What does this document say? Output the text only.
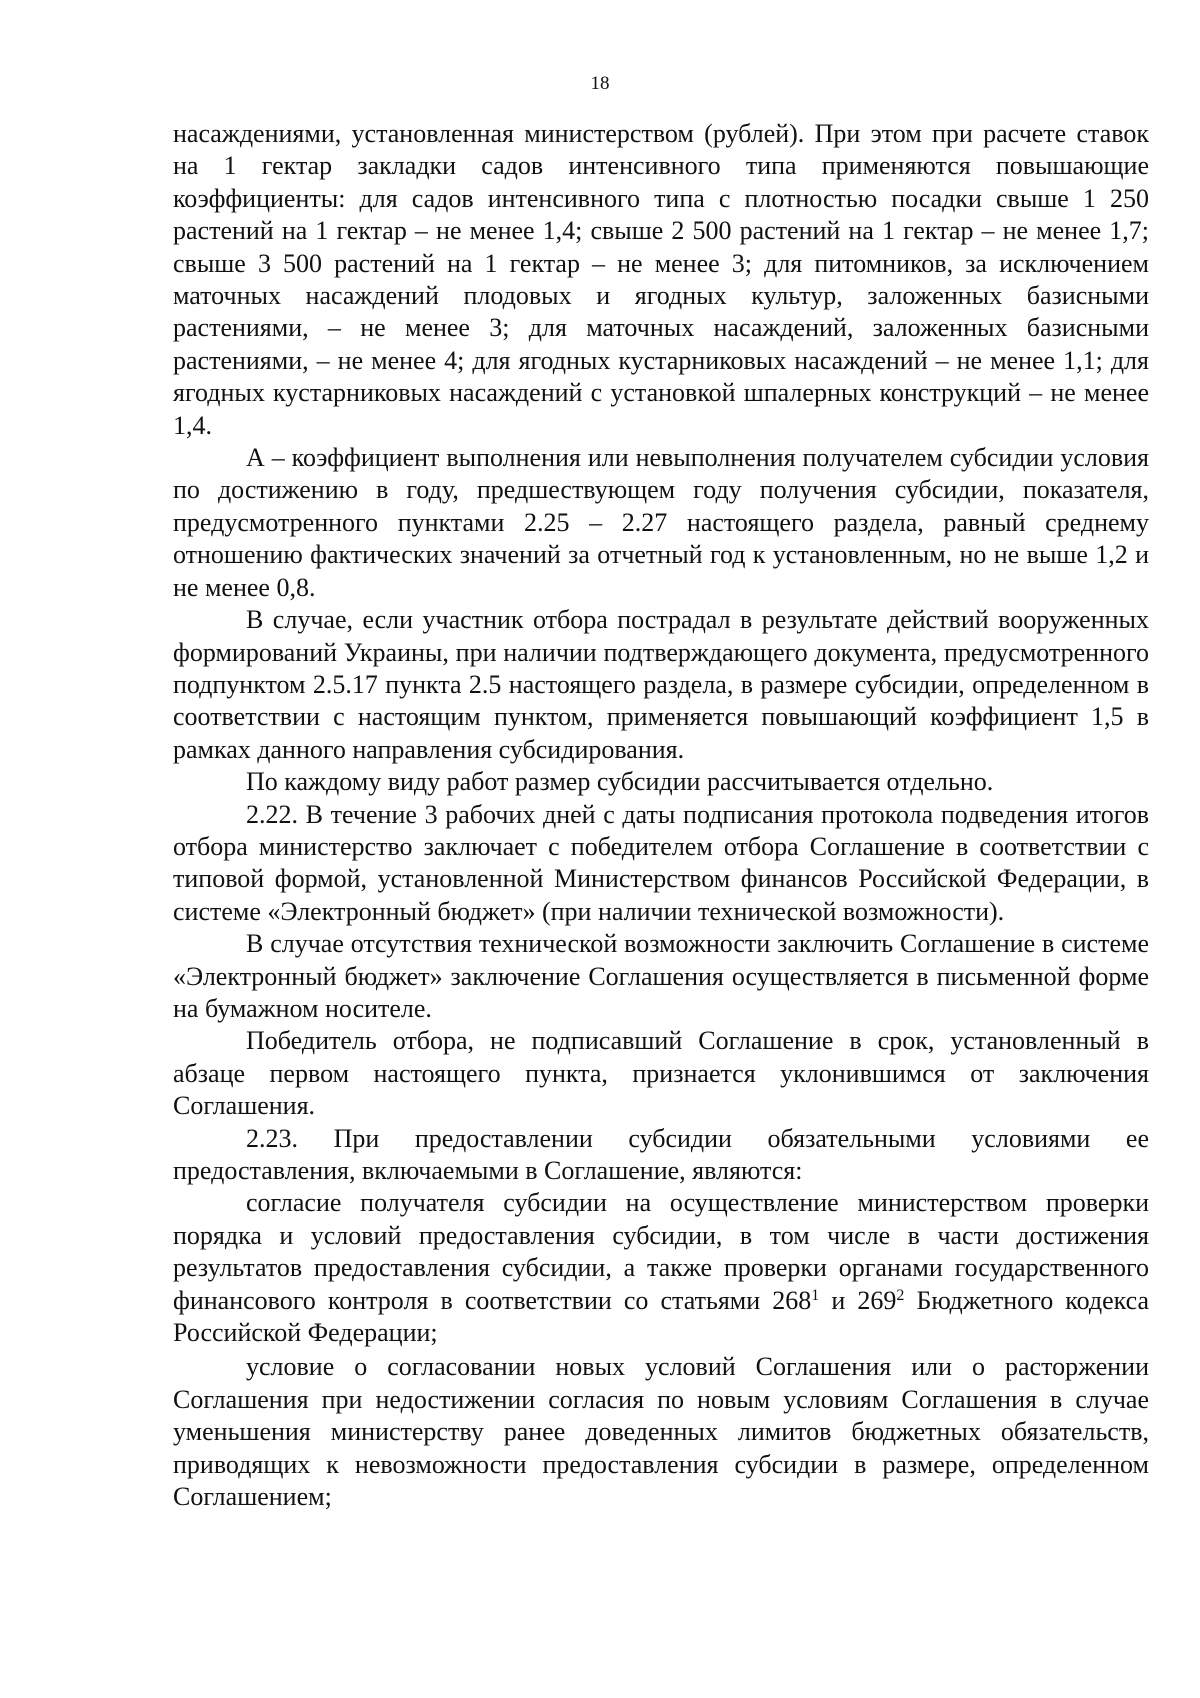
18

насаждениями, установленная министерством (рублей). При этом при расчете ставок на 1 гектар закладки садов интенсивного типа применяются повышающие коэффициенты: для садов интенсивного типа с плотностью посадки свыше 1 250 растений на 1 гектар – не менее 1,4; свыше 2 500 растений на 1 гектар – не менее 1,7; свыше 3 500 растений на 1 гектар – не менее 3; для питомников, за исключением маточных насаждений плодовых и ягодных культур, заложенных базисными растениями, – не менее 3; для маточных насаждений, заложенных базисными растениями, – не менее 4; для ягодных кустарниковых насаждений – не менее 1,1; для ягодных кустарниковых насаждений с установкой шпалерных конструкций – не менее 1,4.

А – коэффициент выполнения или невыполнения получателем субсидии условия по достижению в году, предшествующем году получения субсидии, показателя, предусмотренного пунктами 2.25 – 2.27 настоящего раздела, равный среднему отношению фактических значений за отчетный год к установленным, но не выше 1,2 и не менее 0,8.

В случае, если участник отбора пострадал в результате действий вооруженных формирований Украины, при наличии подтверждающего документа, предусмотренного подпунктом 2.5.17 пункта 2.5 настоящего раздела, в размере субсидии, определенном в соответствии с настоящим пунктом, применяется повышающий коэффициент 1,5 в рамках данного направления субсидирования.

По каждому виду работ размер субсидии рассчитывается отдельно.

2.22. В течение 3 рабочих дней с даты подписания протокола подведения итогов отбора министерство заключает с победителем отбора Соглашение в соответствии с типовой формой, установленной Министерством финансов Российской Федерации, в системе «Электронный бюджет» (при наличии технической возможности).

В случае отсутствия технической возможности заключить Соглашение в системе «Электронный бюджет» заключение Соглашения осуществляется в письменной форме на бумажном носителе.

Победитель отбора, не подписавший Соглашение в срок, установленный в абзаце первом настоящего пункта, признается уклонившимся от заключения Соглашения.

2.23. При предоставлении субсидии обязательными условиями ее предоставления, включаемыми в Соглашение, являются:

согласие получателя субсидии на осуществление министерством проверки порядка и условий предоставления субсидии, в том числе в части достижения результатов предоставления субсидии, а также проверки органами государственного финансового контроля в соответствии со статьями $268^1$ и $269^2$ Бюджетного кодекса Российской Федерации;

условие о согласовании новых условий Соглашения или о расторжении Соглашения при недостижении согласия по новым условиям Соглашения в случае уменьшения министерству ранее доведенных лимитов бюджетных обязательств, приводящих к невозможности предоставления субсидии в размере, определенном Соглашением;
